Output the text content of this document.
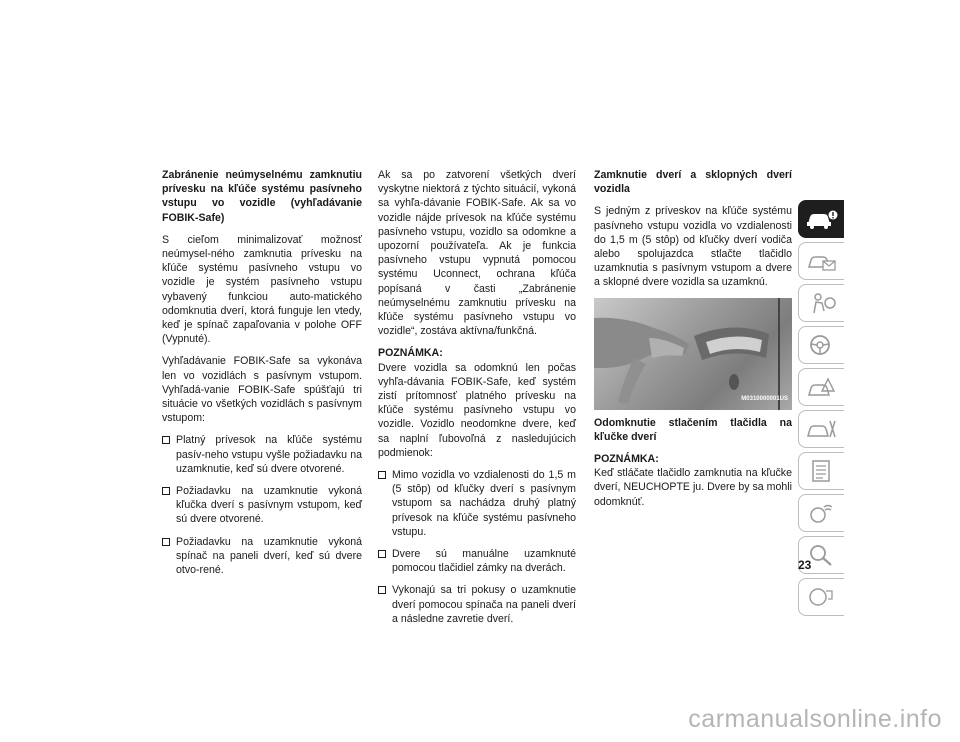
Zabránenie neúmyselnému zamknutiu prívesku na kľúče systému pasívneho vstupu vo vozidle (vyhľadávanie FOBIK-Safe)

S cieľom minimalizovať možnosť neúmysel-ného zamknutia prívesku na kľúče systému pasívneho vstupu vo vozidle je systém pasívneho vstupu vybavený funkciou auto-matického odomknutia dverí, ktorá funguje len vtedy, keď je spínač zapaľovania v polohe OFF (Vypnuté).

Vyhľadávanie FOBIK-Safe sa vykonáva len vo vozidlách s pasívnym vstupom. Vyhľadá-vanie FOBIK-Safe spúšťajú tri situácie vo všetkých vozidlách s pasívnym vstupom:

Platný prívesok na kľúče systému pasív-neho vstupu vyšle požiadavku na uzamknutie, keď sú dvere otvorené.
Požiadavku na uzamknutie vykoná kľučka dverí s pasívnym vstupom, keď sú dvere otvorené.
Požiadavku na uzamknutie vykoná spínač na paneli dverí, keď sú dvere otvo-rené.

Ak sa po zatvorení všetkých dverí vyskytne niektorá z týchto situácií, vykoná sa vyhľa-dávanie FOBIK-Safe. Ak sa vo vozidle nájde prívesok na kľúče systému pasívneho vstupu, vozidlo sa odomkne a upozorní používateľa. Ak je funkcia pasívneho vstupu vypnutá pomocou systému Uconnect, ochrana kľúča popísaná v časti „Zabránenie neúmyselnému zamknutiu prívesku na kľúče systému pasívneho vstupu vo vozidle“, zostáva aktívna/funkčná.

POZNÁMKA:
Dvere vozidla sa odomknú len počas vyhľa-dávania FOBIK-Safe, keď systém zistí prítomnosť platného prívesku na kľúče systému pasívneho vstupu vo vozidle. Vozidlo neodomkne dvere, keď sa naplní ľubovoľná z nasledujúcich podmienok:

Mimo vozidla vo vzdialenosti do 1,5 m (5 stôp) od kľučky dverí s pasívnym vstupom sa nachádza druhý platný prívesok na kľúče systému pasívneho vstupu.
Dvere sú manuálne uzamknuté pomocou tlačidiel zámky na dverách.
Vykonajú sa tri pokusy o uzamknutie dverí pomocou spínača na paneli dverí a následne zavretie dverí.
Zamknutie dverí a sklopných dverí vozidla

S jedným z príveskov na kľúče systému pasívneho vstupu vozidla vo vzdialenosti do 1,5 m (5 stôp) od kľučky dverí vodiča alebo spolujazdca stlačte tlačidlo uzamknutia s pasívnym vstupom a dvere a sklopné dvere vozidla sa uzamknú.

M0310000001US

Odomknutie stlačením tlačidla na kľučke dverí

POZNÁMKA:
Keď stláčate tlačidlo zamknutia na kľučke dverí, NEUCHOPTE ju. Dvere by sa mohli odomknúť.

23
carmanualsonline.info
